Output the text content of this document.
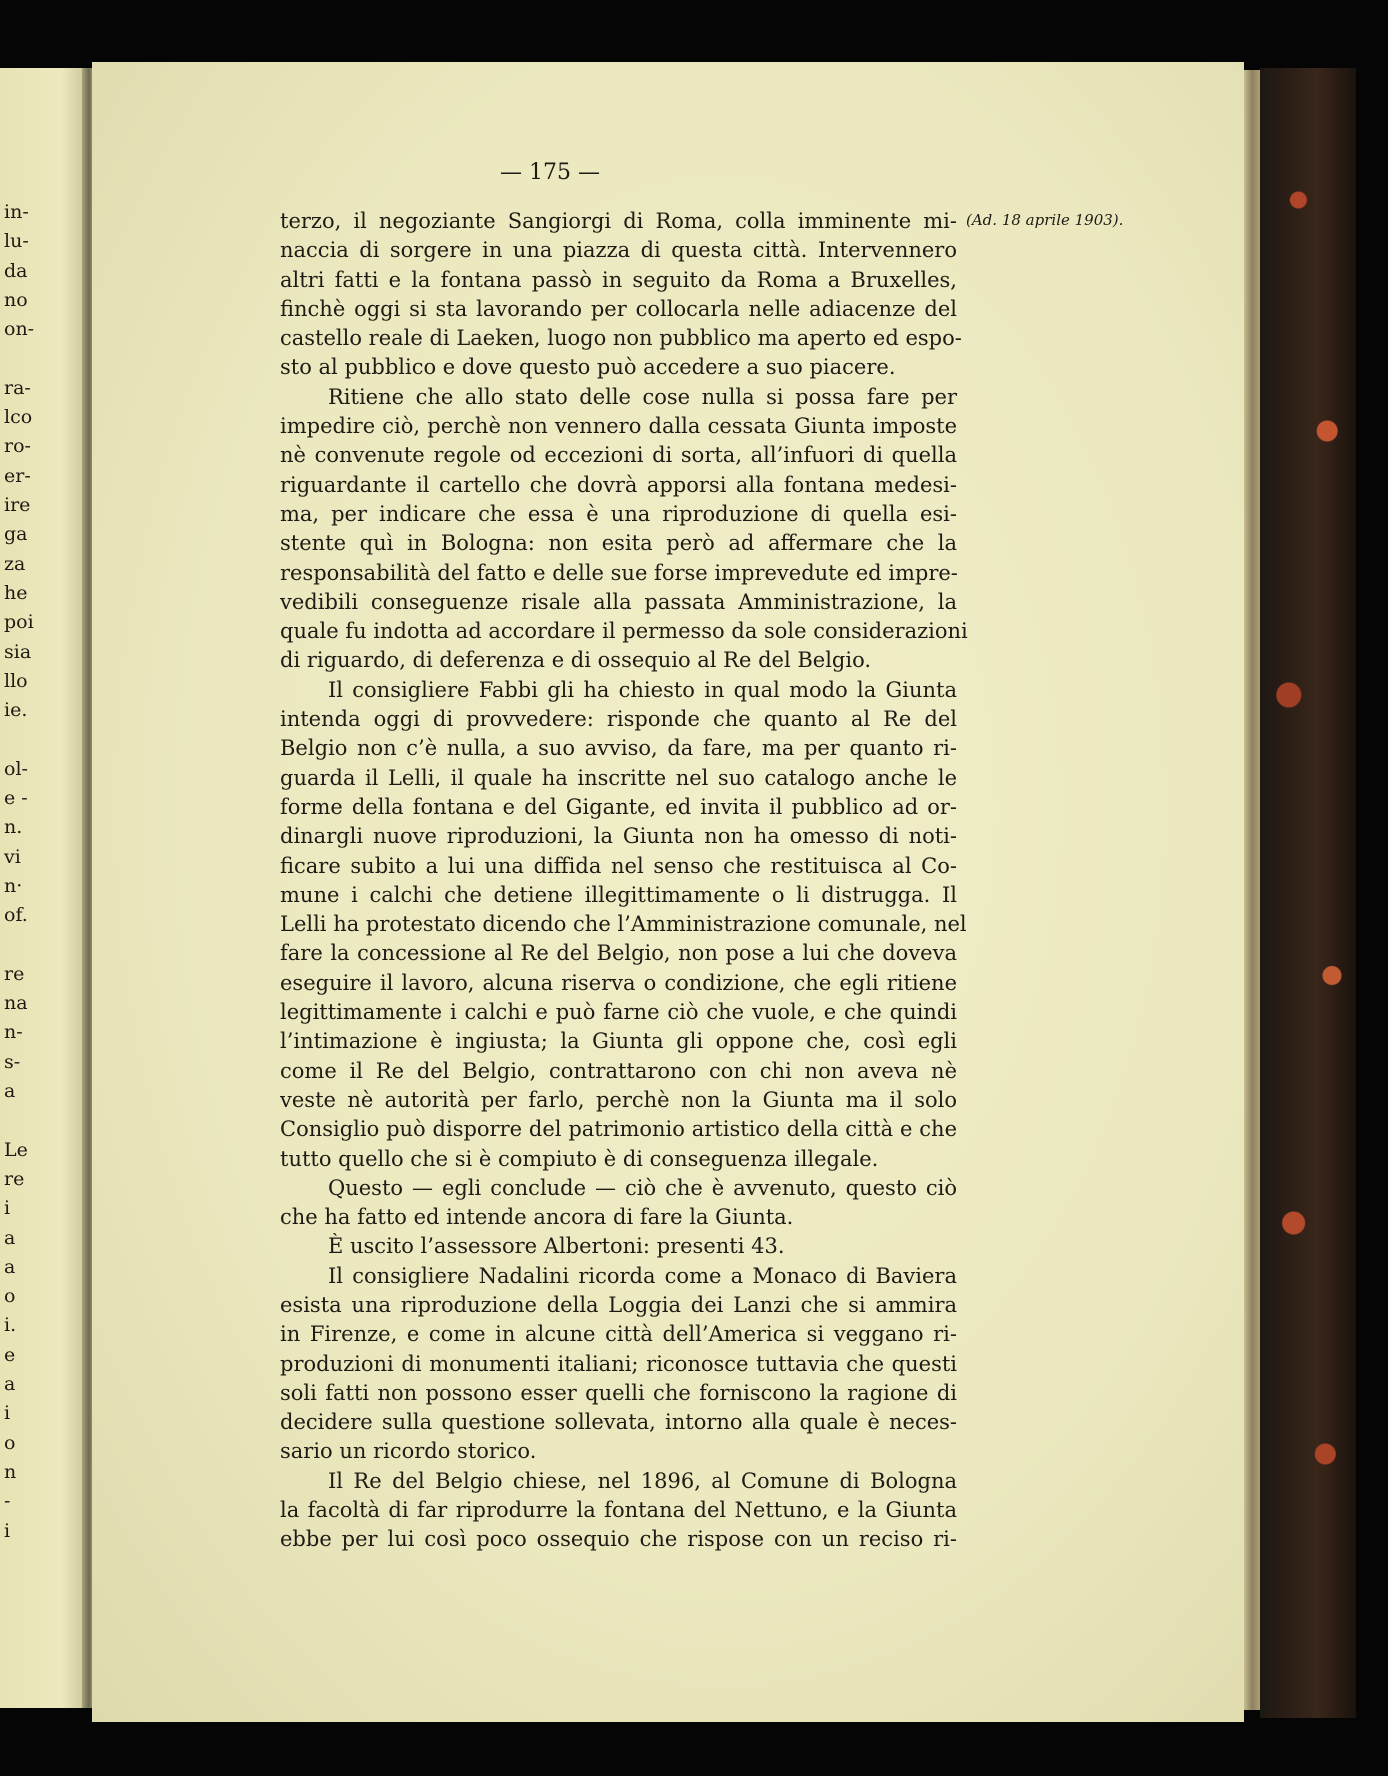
in-
lu-
da
no
on-
ra-
lco
ro-
er-
ire
ga
za
he
poi
sia
llo
ie.
ol-
e -
n.
vi
n·
of.
re
na
n-
s-
a
Le
re
i
a
a
o
i.
e
a
i
o
n
-
i
— 175 —
(Ad. 18 aprile 1903).
terzo, il negoziante Sangiorgi di Roma, colla imminente mi-
naccia di sorgere in una piazza di questa città. Intervennero
altri fatti e la fontana passò in seguito da Roma a Bruxelles,
finchè oggi si sta lavorando per collocarla nelle adiacenze del
castello reale di Laeken, luogo non pubblico ma aperto ed espo-
sto al pubblico e dove questo può accedere a suo piacere.
Ritiene che allo stato delle cose nulla si possa fare per
impedire ciò, perchè non vennero dalla cessata Giunta imposte
nè convenute regole od eccezioni di sorta, all’infuori di quella
riguardante il cartello che dovrà apporsi alla fontana medesi-
ma, per indicare che essa è una riproduzione di quella esi-
stente quì in Bologna: non esita però ad affermare che la
responsabilità del fatto e delle sue forse imprevedute ed impre-
vedibili conseguenze risale alla passata Amministrazione, la
quale fu indotta ad accordare il permesso da sole considerazioni
di riguardo, di deferenza e di ossequio al Re del Belgio.
Il consigliere Fabbi gli ha chiesto in qual modo la Giunta
intenda oggi di provvedere: risponde che quanto al Re del
Belgio non c’è nulla, a suo avviso, da fare, ma per quanto ri-
guarda il Lelli, il quale ha inscritte nel suo catalogo anche le
forme della fontana e del Gigante, ed invita il pubblico ad or-
dinargli nuove riproduzioni, la Giunta non ha omesso di noti-
ficare subito a lui una diffida nel senso che restituisca al Co-
mune i calchi che detiene illegittimamente o li distrugga. Il
Lelli ha protestato dicendo che l’Amministrazione comunale, nel
fare la concessione al Re del Belgio, non pose a lui che doveva
eseguire il lavoro, alcuna riserva o condizione, che egli ritiene
legittimamente i calchi e può farne ciò che vuole, e che quindi
l’intimazione è ingiusta; la Giunta gli oppone che, così egli
come il Re del Belgio, contrattarono con chi non aveva nè
veste nè autorità per farlo, perchè non la Giunta ma il solo
Consiglio può disporre del patrimonio artistico della città e che
tutto quello che si è compiuto è di conseguenza illegale.
Questo — egli conclude — ciò che è avvenuto, questo ciò
che ha fatto ed intende ancora di fare la Giunta.
È uscito l’assessore Albertoni: presenti 43.
Il consigliere Nadalini ricorda come a Monaco di Baviera
esista una riproduzione della Loggia dei Lanzi che si ammira
in Firenze, e come in alcune città dell’America si veggano ri-
produzioni di monumenti italiani; riconosce tuttavia che questi
soli fatti non possono esser quelli che forniscono la ragione di
decidere sulla questione sollevata, intorno alla quale è neces-
sario un ricordo storico.
Il Re del Belgio chiese, nel 1896, al Comune di Bologna
la facoltà di far riprodurre la fontana del Nettuno, e la Giunta
ebbe per lui così poco ossequio che rispose con un reciso ri-
